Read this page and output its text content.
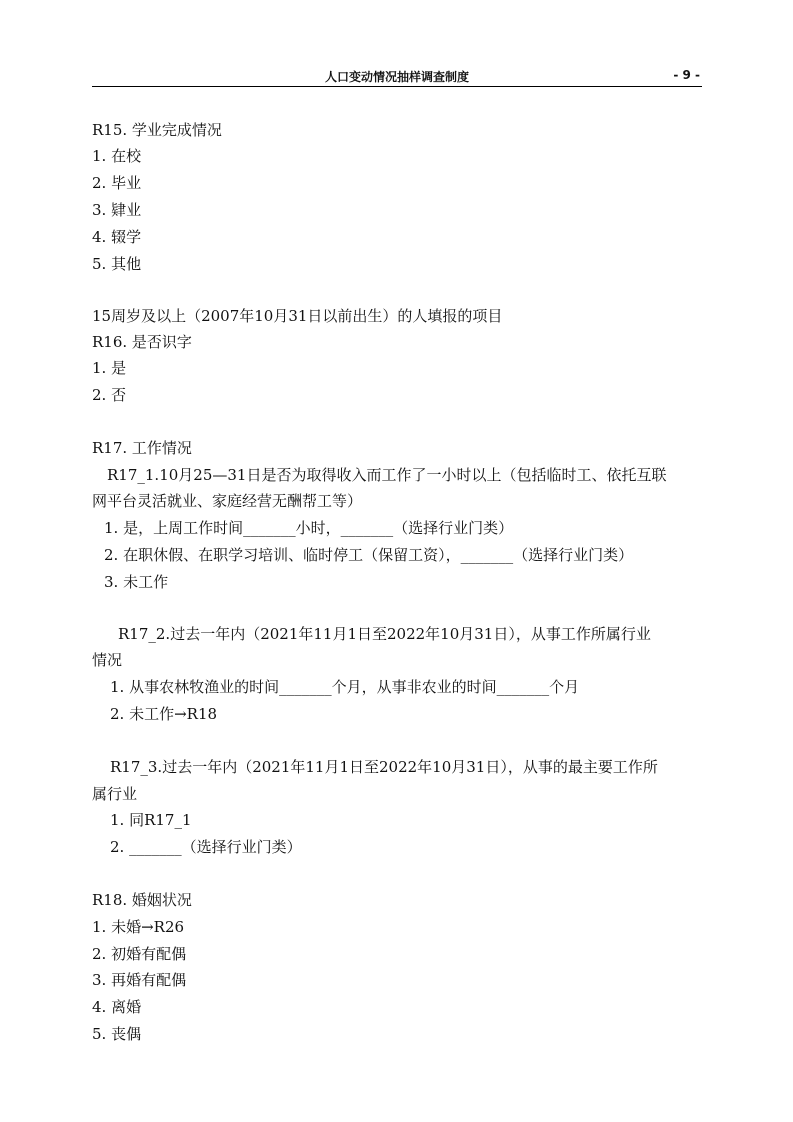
人口变动情况抽样调查制度	- 9 -
R15. 学业完成情况
1. 在校
2. 毕业
3. 肄业
4. 辍学
5. 其他
15周岁及以上（2007年10月31日以前出生）的人填报的项目
R16. 是否识字
1. 是
2. 否
R17. 工作情况
R17_1.10月25—31日是否为取得收入而工作了一小时以上（包括临时工、依托互联
网平台灵活就业、家庭经营无酬帮工等）
1. 是，上周工作时间_______小时，_______（选择行业门类）
2. 在职休假、在职学习培训、临时停工（保留工资），_______（选择行业门类）
3. 未工作
R17_2.过去一年内（2021年11月1日至2022年10月31日），从事工作所属行业
情况
1. 从事农林牧渔业的时间_______个月，从事非农业的时间_______个月
2. 未工作→R18
R17_3.过去一年内（2021年11月1日至2022年10月31日），从事的最主要工作所
属行业
1. 同R17_1
2. _______（选择行业门类）
R18. 婚姻状况
1. 未婚→R26
2. 初婚有配偶
3. 再婚有配偶
4. 离婚
5. 丧偶
